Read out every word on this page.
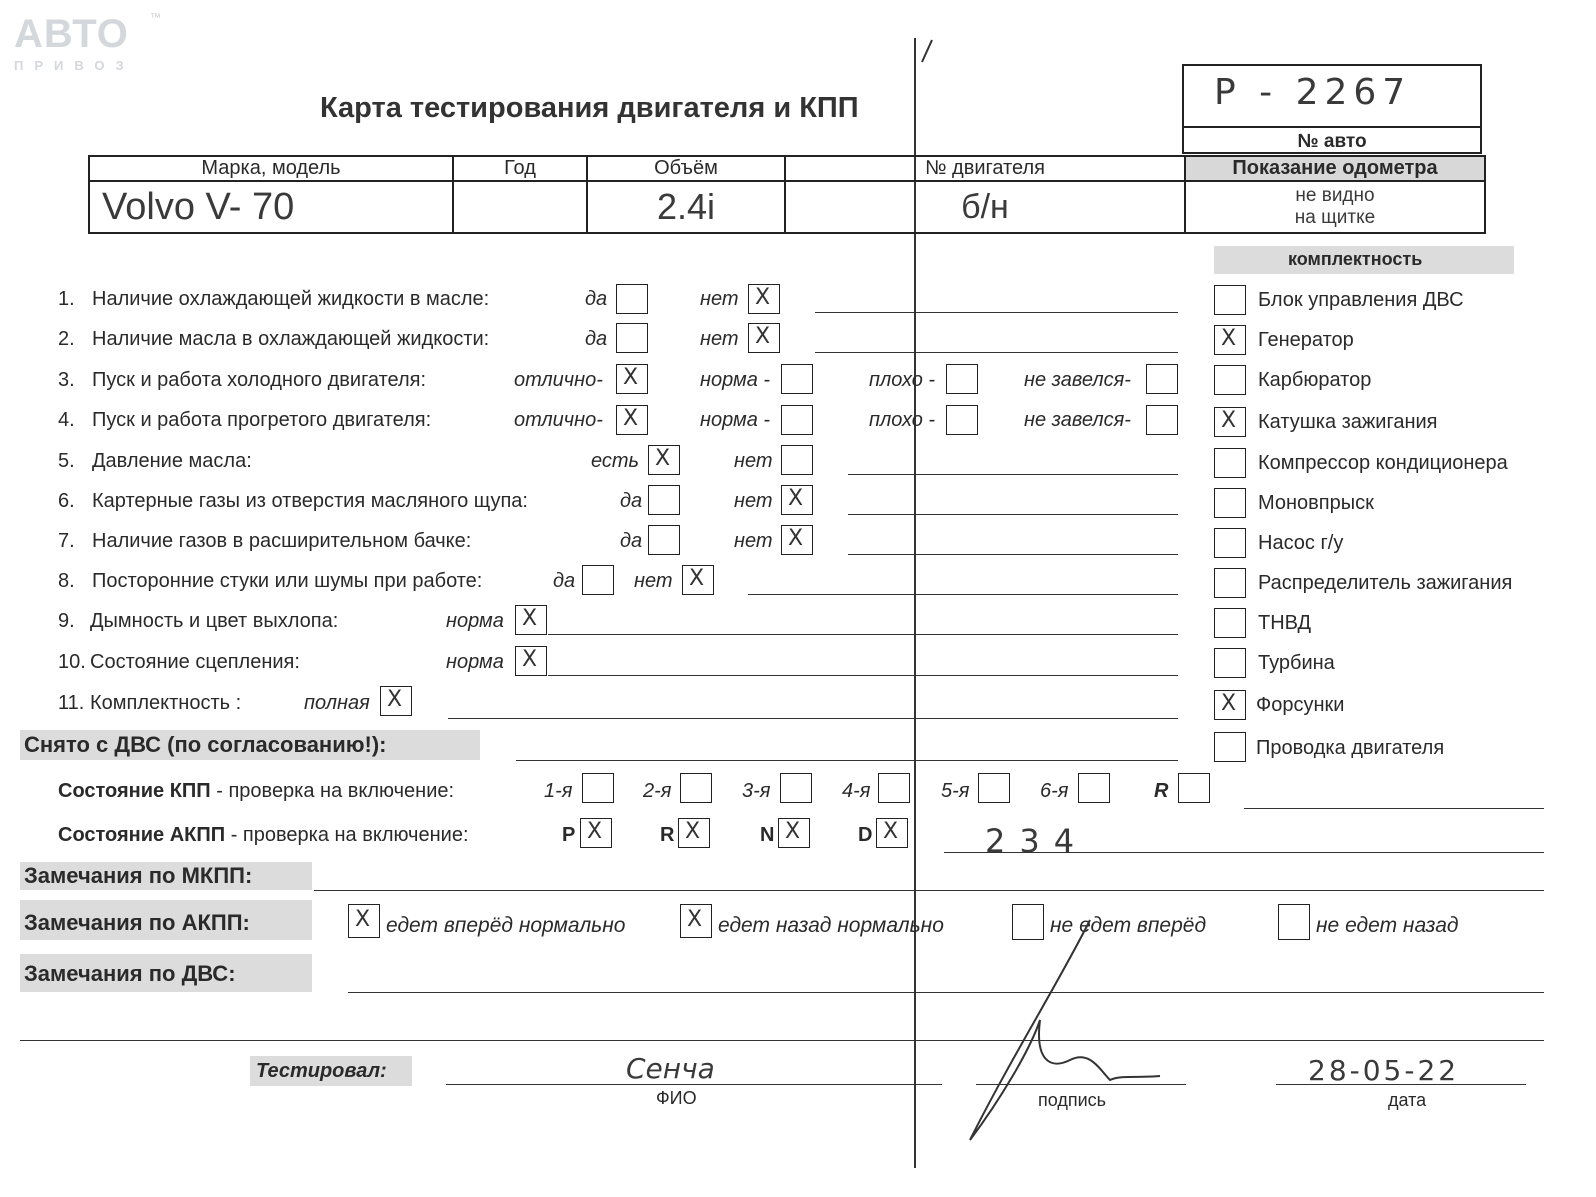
АВТО
ПРИВОЗ
™
Карта тестирования двигателя и КПП	P - 2267
№ авто
Марка, модель	Год	Объём	№ двигателя	Показание одометра
Volvo V- 70		2.4i	б/н	не видно
на щитке
комплектность
1. Наличие охлаждающей жидкости в масле:	да	нет X
2. Наличие масла в охлаждающей жидкости:	да	нет X
3. Пуск и работа холодного двигателя:	отлично- X	норма -	плохо -	не завелся-
4. Пуск и работа прогретого двигателя:	отлично- X	норма -	плохо -	не завелся-
5. Давление масла:	есть X	нет
6. Картерные газы из отверстия масляного щупа:	да	нет X
7. Наличие газов в расширительном бачке:	да	нет X
8. Посторонние стуки или шумы при работе:	да	нет X
9. Дымность и цвет выхлопа:	норма X
10. Состояние сцепления:	норма X
11. Комплектность :	полная X
Снято с ДВС (по согласованию!):
Блок управления ДВС
X Генератор
Карбюратор
X Катушка зажигания
Компрессор кондиционера
Моновпрыск
Насос г/у
Распределитель зажигания
ТНВД
Турбина
X Форсунки
Проводка двигателя
Состояние КПП - проверка на включение:	1-я	2-я	3-я	4-я	5-я	6-я	R
Состояние АКПП - проверка на включение:	P X	R X	N X	D X	234
Замечания по МКПП:
Замечания по АКПП:	X едет вперёд нормально	X едет назад нормально	не едет вперёд	не едет назад
Замечания по ДВС:
Тестировал:	Сенча
ФИО	подпись
28-05-22
дата
